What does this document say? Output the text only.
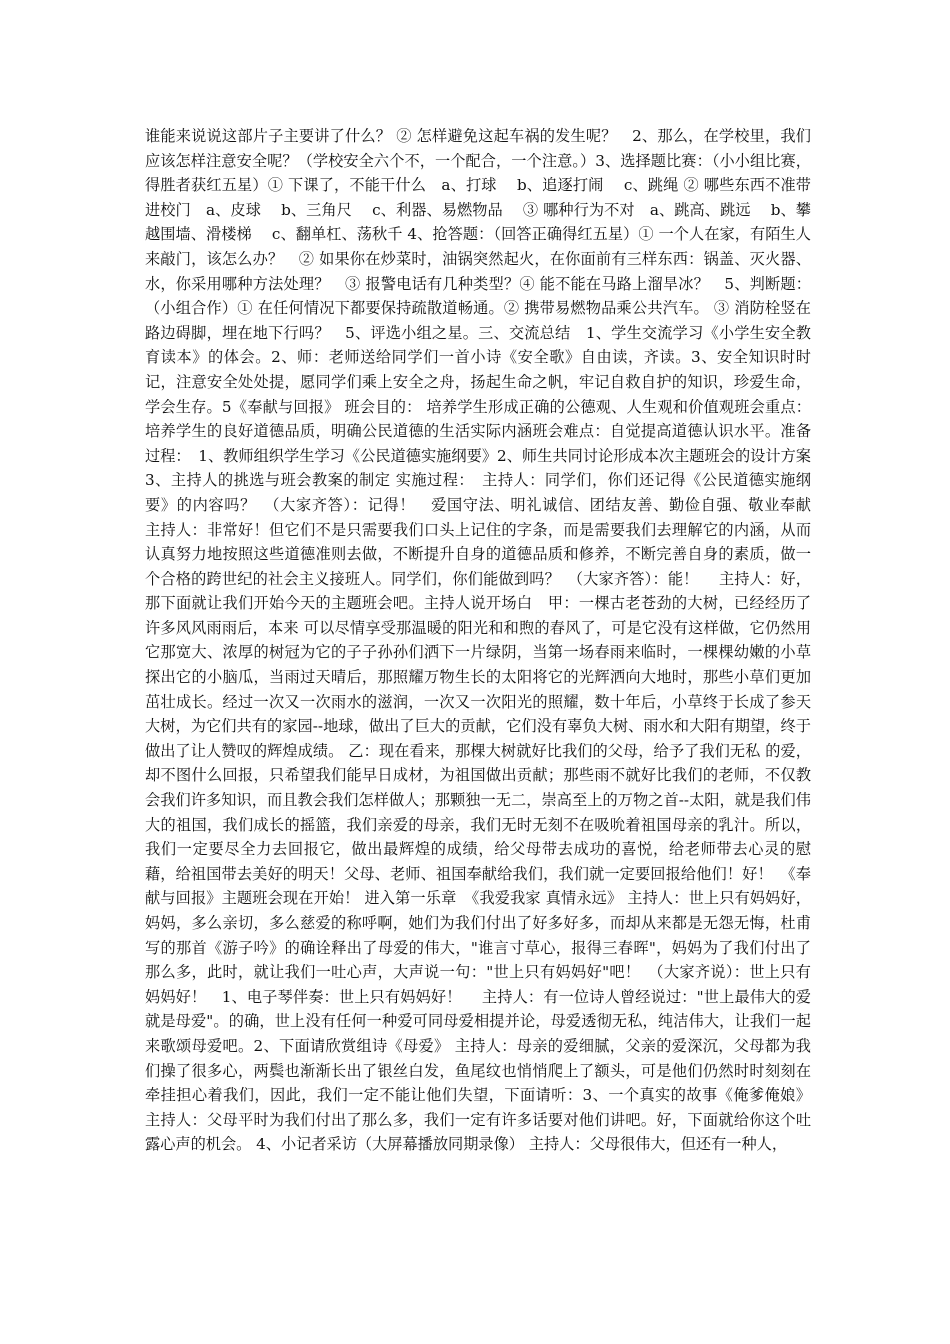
谁能来说说这部片子主要讲了什么？ ② 怎样避免这起车祸的发生呢？　2、那么，在学校里，我们应该怎样注意安全呢？（学校安全六个不，一个配合，一个注意。）3、选择题比赛：（小小组比赛，得胜者获红五星）① 下课了，不能干什么　a、打球　 b、追逐打闹　 c、跳绳 ② 哪些东西不准带进校门　a、皮球　 b、三角尺　 c、利器、易燃物品　 ③ 哪种行为不对　a、跳高、跳远　 b、攀越围墙、滑楼梯　 c、翻单杠、荡秋千 4、抢答题：（回答正确得红五星）① 一个人在家，有陌生人来敲门，该怎么办？　② 如果你在炒菜时，油锅突然起火，在你面前有三样东西：锅盖、灭火器、水，你采用哪种方法处理？　③ 报警电话有几种类型？④ 能不能在马路上溜旱冰？　5、判断题：（小组合作）① 在任何情况下都要保持疏散道畅通。② 携带易燃物品乘公共汽车。 ③ 消防栓竖在路边碍脚，埋在地下行吗？　5、评选小组之星。三、交流总结　1、学生交流学习《小学生安全教育读本》的体会。2、师：老师送给同学们一首小诗《安全歌》自由读，齐读。3、安全知识时时记，注意安全处处提，愿同学们乘上安全之舟，扬起生命之帆，牢记自救自护的知识，珍爱生命，学会生存。5《奉献与回报》 班会目的： 培养学生形成正确的公德观、人生观和价值观班会重点：培养学生的良好道德品质，明确公民道德的生活实际内涵班会难点：自觉提高道德认识水平。准备过程：　1、教师组织学生学习《公民道德实施纲要》2、师生共同讨论形成本次主题班会的设计方案 3、主持人的挑选与班会教案的制定 实施过程：　主持人：同学们，你们还记得《公民道德实施纲要》的内容吗？　（大家齐答）：记得！　爱国守法、明礼诚信、团结友善、勤俭自强、敬业奉献　主持人：非常好！但它们不是只需要我们口头上记住的字条，而是需要我们去理解它的内涵，从而认真努力地按照这些道德准则去做，不断提升自身的道德品质和修养，不断完善自身的素质，做一个合格的跨世纪的社会主义接班人。同学们，你们能做到吗？　（大家齐答）：能！　 主持人：好，那下面就让我们开始今天的主题班会吧。主持人说开场白　甲：一棵古老苍劲的大树，已经经历了许多风风雨雨后，本来 可以尽情享受那温暖的阳光和和煦的春风了，可是它没有这样做，它仍然用它那宽大、浓厚的树冠为它的子子孙孙们洒下一片绿阴，当第一场春雨来临时，一棵棵幼嫩的小草探出它的小脑瓜，当雨过天晴后，那照耀万物生长的太阳将它的光辉洒向大地时，那些小草们更加茁壮成长。经过一次又一次雨水的滋润，一次又一次阳光的照耀，数十年后，小草终于长成了参天大树，为它们共有的家园--地球，做出了巨大的贡献，它们没有辜负大树、雨水和大阳有期望，终于做出了让人赞叹的辉煌成绩。 乙：现在看来，那棵大树就好比我们的父母，给予了我们无私 的爱，却不图什么回报，只希望我们能早日成材，为祖国做出贡献；那些雨不就好比我们的老师，不仅教会我们许多知识，而且教会我们怎样做人；那颗独一无二，崇高至上的万物之首--太阳，就是我们伟大的祖国，我们成长的摇篮，我们亲爱的母亲，我们无时无刻不在吸吮着祖国母亲的乳汁。所以，我们一定要尽全力去回报它，做出最辉煌的成绩，给父母带去成功的喜悦，给老师带去心灵的慰藉，给祖国带去美好的明天！父母、老师、祖国奉献给我们，我们就一定要回报给他们！好！　《奉献与回报》主题班会现在开始！ 进入第一乐章　《我爱我家 真情永远》 主持人：世上只有妈妈好，妈妈，多么亲切，多么慈爱的称呼啊，她们为我们付出了好多好多，而却从来都是无怨无悔，杜甫写的那首《游子吟》的确诠释出了母爱的伟大，"谁言寸草心，报得三春晖"，妈妈为了我们付出了那么多，此时，就让我们一吐心声，大声说一句："世上只有妈妈好"吧！　（大家齐说）：世上只有妈妈好！　1、电子琴伴奏：世上只有妈妈好！　 主持人：有一位诗人曾经说过："世上最伟大的爱就是母爱"。的确，世上没有任何一种爱可同母爱相提并论，母爱透彻无私，纯洁伟大，让我们一起来歌颂母爱吧。2、下面请欣赏组诗《母爱》 主持人：母亲的爱细腻，父亲的爱深沉，父母都为我们操了很多心，两鬓也渐渐长出了银丝白发，鱼尾纹也悄悄爬上了额头，可是他们仍然时时刻刻在牵挂担心着我们，因此，我们一定不能让他们失望，下面请听：3、一个真实的故事《俺爹俺娘》 主持人：父母平时为我们付出了那么多，我们一定有许多话要对他们讲吧。好，下面就给你这个吐露心声的机会。 4、小记者采访（大屏幕播放同期录像） 主持人：父母很伟大，但还有一种人，
